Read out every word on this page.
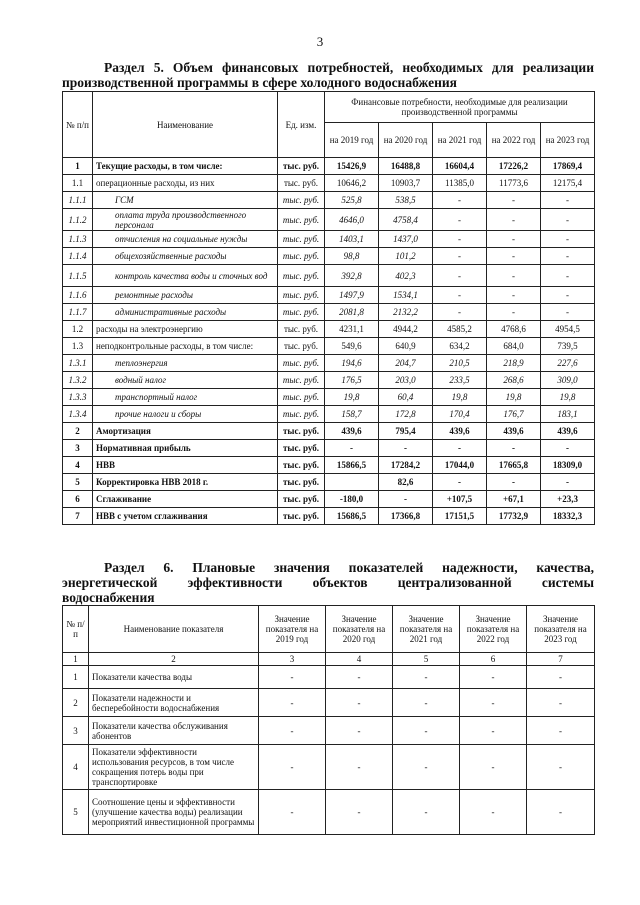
3
Раздел 5. Объем финансовых потребностей, необходимых для реализации
производственной программы в сфере холодного водоснабжения
№ п/п	Наименование	Ед. изм.	Финансовые потребности, необходимые для реализации производственной программы				
			на 2019 год	на 2020 год	на 2021 год	на 2022 год	на 2023 год
1	Текущие расходы, в том числе:	тыс. руб.	15426,9	16488,8	16604,4	17226,2	17869,4
1.1	операционные расходы, из них	тыс. руб.	10646,2	10903,7	11385,0	11773,6	12175,4
1.1.1	ГСМ	тыс. руб.	525,8	538,5	-	-	-
1.1.2	оплата труда производственного персонала	тыс. руб.	4646,0	4758,4	-	-	-
1.1.3	отчисления на социальные нужды	тыс. руб.	1403,1	1437,0	-	-	-
1.1.4	общехозяйственные расходы	тыс. руб.	98,8	101,2	-	-	-
1.1.5	контроль качества воды и сточных вод	тыс. руб.	392,8	402,3	-	-	-
1.1.6	ремонтные расходы	тыс. руб.	1497,9	1534,1	-	-	-
1.1.7	административные расходы	тыс. руб.	2081,8	2132,2	-	-	-
1.2	расходы на электроэнергию	тыс. руб.	4231,1	4944,2	4585,2	4768,6	4954,5
1.3	неподконтрольные расходы, в том числе:	тыс. руб.	549,6	640,9	634,2	684,0	739,5
1.3.1	теплоэнергия	тыс. руб.	194,6	204,7	210,5	218,9	227,6
1.3.2	водный налог	тыс. руб.	176,5	203,0	233,5	268,6	309,0
1.3.3	транспортный налог	тыс. руб.	19,8	60,4	19,8	19,8	19,8
1.3.4	прочие налоги и сборы	тыс. руб.	158,7	172,8	170,4	176,7	183,1
2	Амортизация	тыс. руб.	439,6	795,4	439,6	439,6	439,6
3	Нормативная прибыль	тыс. руб.	-	-	-	-	-
4	НВВ	тыс. руб.	15866,5	17284,2	17044,0	17665,8	18309,0
5	Корректировка НВВ 2018 г.	тыс. руб.		82,6	-	-	-
6	Сглаживание	тыс. руб.	-180,0	-	+107,5	+67,1	+23,3
7	НВВ с учетом сглаживания	тыс. руб.	15686,5	17366,8	17151,5	17732,9	18332,3
Раздел 6. Плановые значения показателей надежности, качества,
энергетической эффективности объектов централизованной системы
водоснабжения
№ п/п	Наименование показателя	Значение показателя на 2019 год	Значение показателя на 2020 год	Значение показателя на 2021 год	Значение показателя на 2022 год	Значение показателя на 2023 год
1	2	3	4	5	6	7
1	Показатели качества воды	-	-	-	-	-
2	Показатели надежности и бесперебойности водоснабжения	-	-	-	-	-
3	Показатели качества обслуживания абонентов	-	-	-	-	-
4	Показатели эффективности использования ресурсов, в том числе сокращения потерь воды при транспортировке	-	-	-	-	-
5	Соотношение цены и эффективности (улучшение качества воды) реализации мероприятий инвестиционной программы	-	-	-	-	-
